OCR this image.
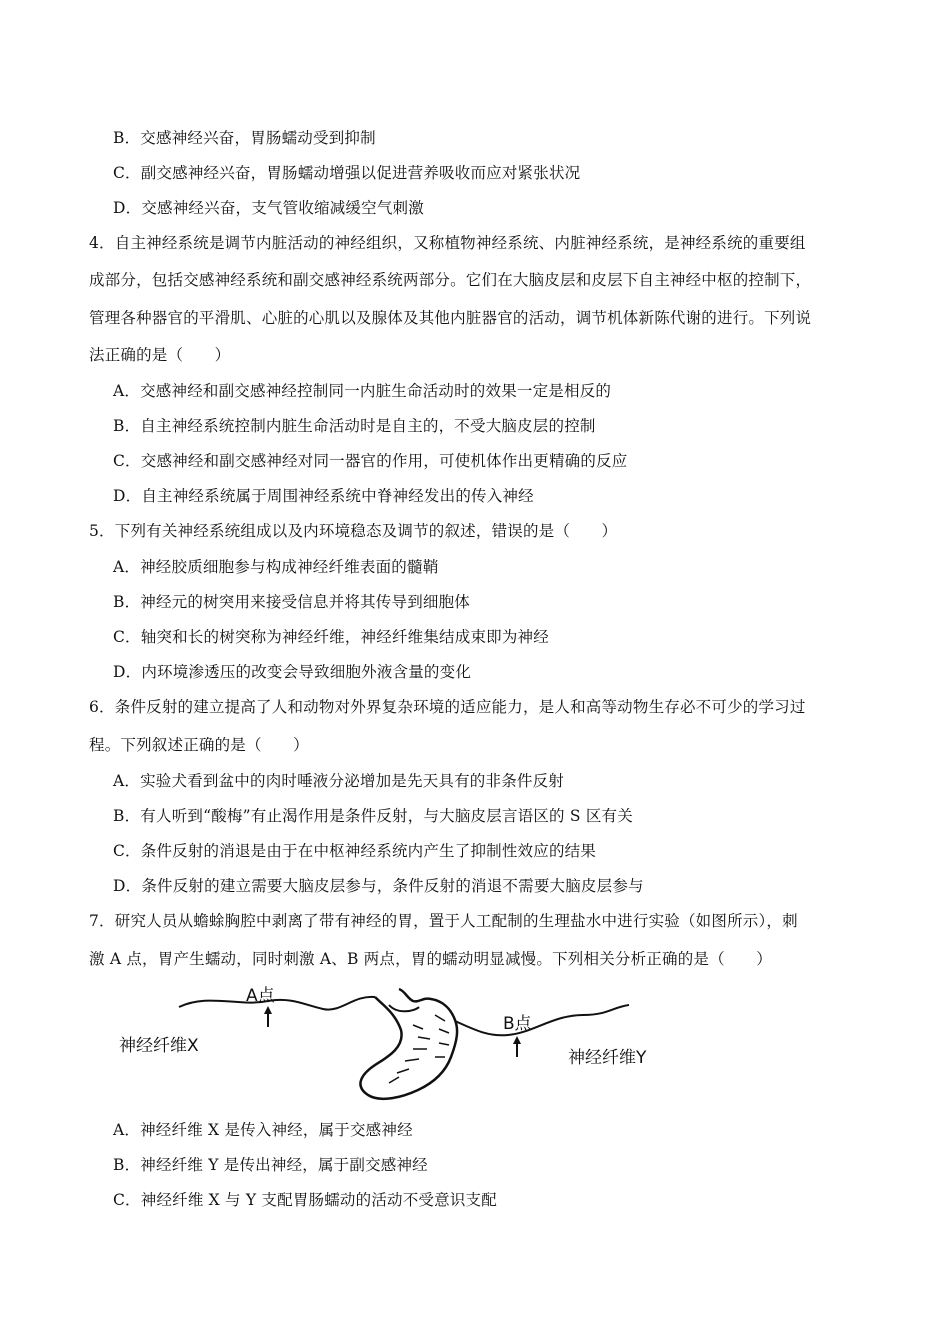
B．交感神经兴奋，胃肠蠕动受到抑制
C．副交感神经兴奋，胃肠蠕动增强以促进营养吸收而应对紧张状况
D．交感神经兴奋，支气管收缩减缓空气刺激
4．自主神经系统是调节内脏活动的神经组织，又称植物神经系统、内脏神经系统，是神经系统的重要组
成部分，包括交感神经系统和副交感神经系统两部分。它们在大脑皮层和皮层下自主神经中枢的控制下，
管理各种器官的平滑肌、心脏的心肌以及腺体及其他内脏器官的活动，调节机体新陈代谢的进行。下列说
法正确的是（　　）
A．交感神经和副交感神经控制同一内脏生命活动时的效果一定是相反的
B．自主神经系统控制内脏生命活动时是自主的，不受大脑皮层的控制
C．交感神经和副交感神经对同一器官的作用，可使机体作出更精确的反应
D．自主神经系统属于周围神经系统中脊神经发出的传入神经
5．下列有关神经系统组成以及内环境稳态及调节的叙述，错误的是（　　）
A．神经胶质细胞参与构成神经纤维表面的髓鞘
B．神经元的树突用来接受信息并将其传导到细胞体
C．轴突和长的树突称为神经纤维，神经纤维集结成束即为神经
D．内环境渗透压的改变会导致细胞外液含量的变化
6．条件反射的建立提高了人和动物对外界复杂环境的适应能力，是人和高等动物生存必不可少的学习过
程。下列叙述正确的是（　　）
A．实验犬看到盆中的肉时唾液分泌增加是先天具有的非条件反射
B．有人听到“酸梅”有止渴作用是条件反射，与大脑皮层言语区的 S 区有关
C．条件反射的消退是由于在中枢神经系统内产生了抑制性效应的结果
D．条件反射的建立需要大脑皮层参与，条件反射的消退不需要大脑皮层参与
7．研究人员从蟾蜍胸腔中剥离了带有神经的胃，置于人工配制的生理盐水中进行实验（如图所示），刺
激 A 点，胃产生蠕动，同时刺激 A、B 两点，胃的蠕动明显减慢。下列相关分析正确的是（　　）
A点
神经纤维X
B点
神经纤维Y
A．神经纤维 X 是传入神经，属于交感神经
B．神经纤维 Y 是传出神经，属于副交感神经
C．神经纤维 X 与 Y 支配胃肠蠕动的活动不受意识支配
